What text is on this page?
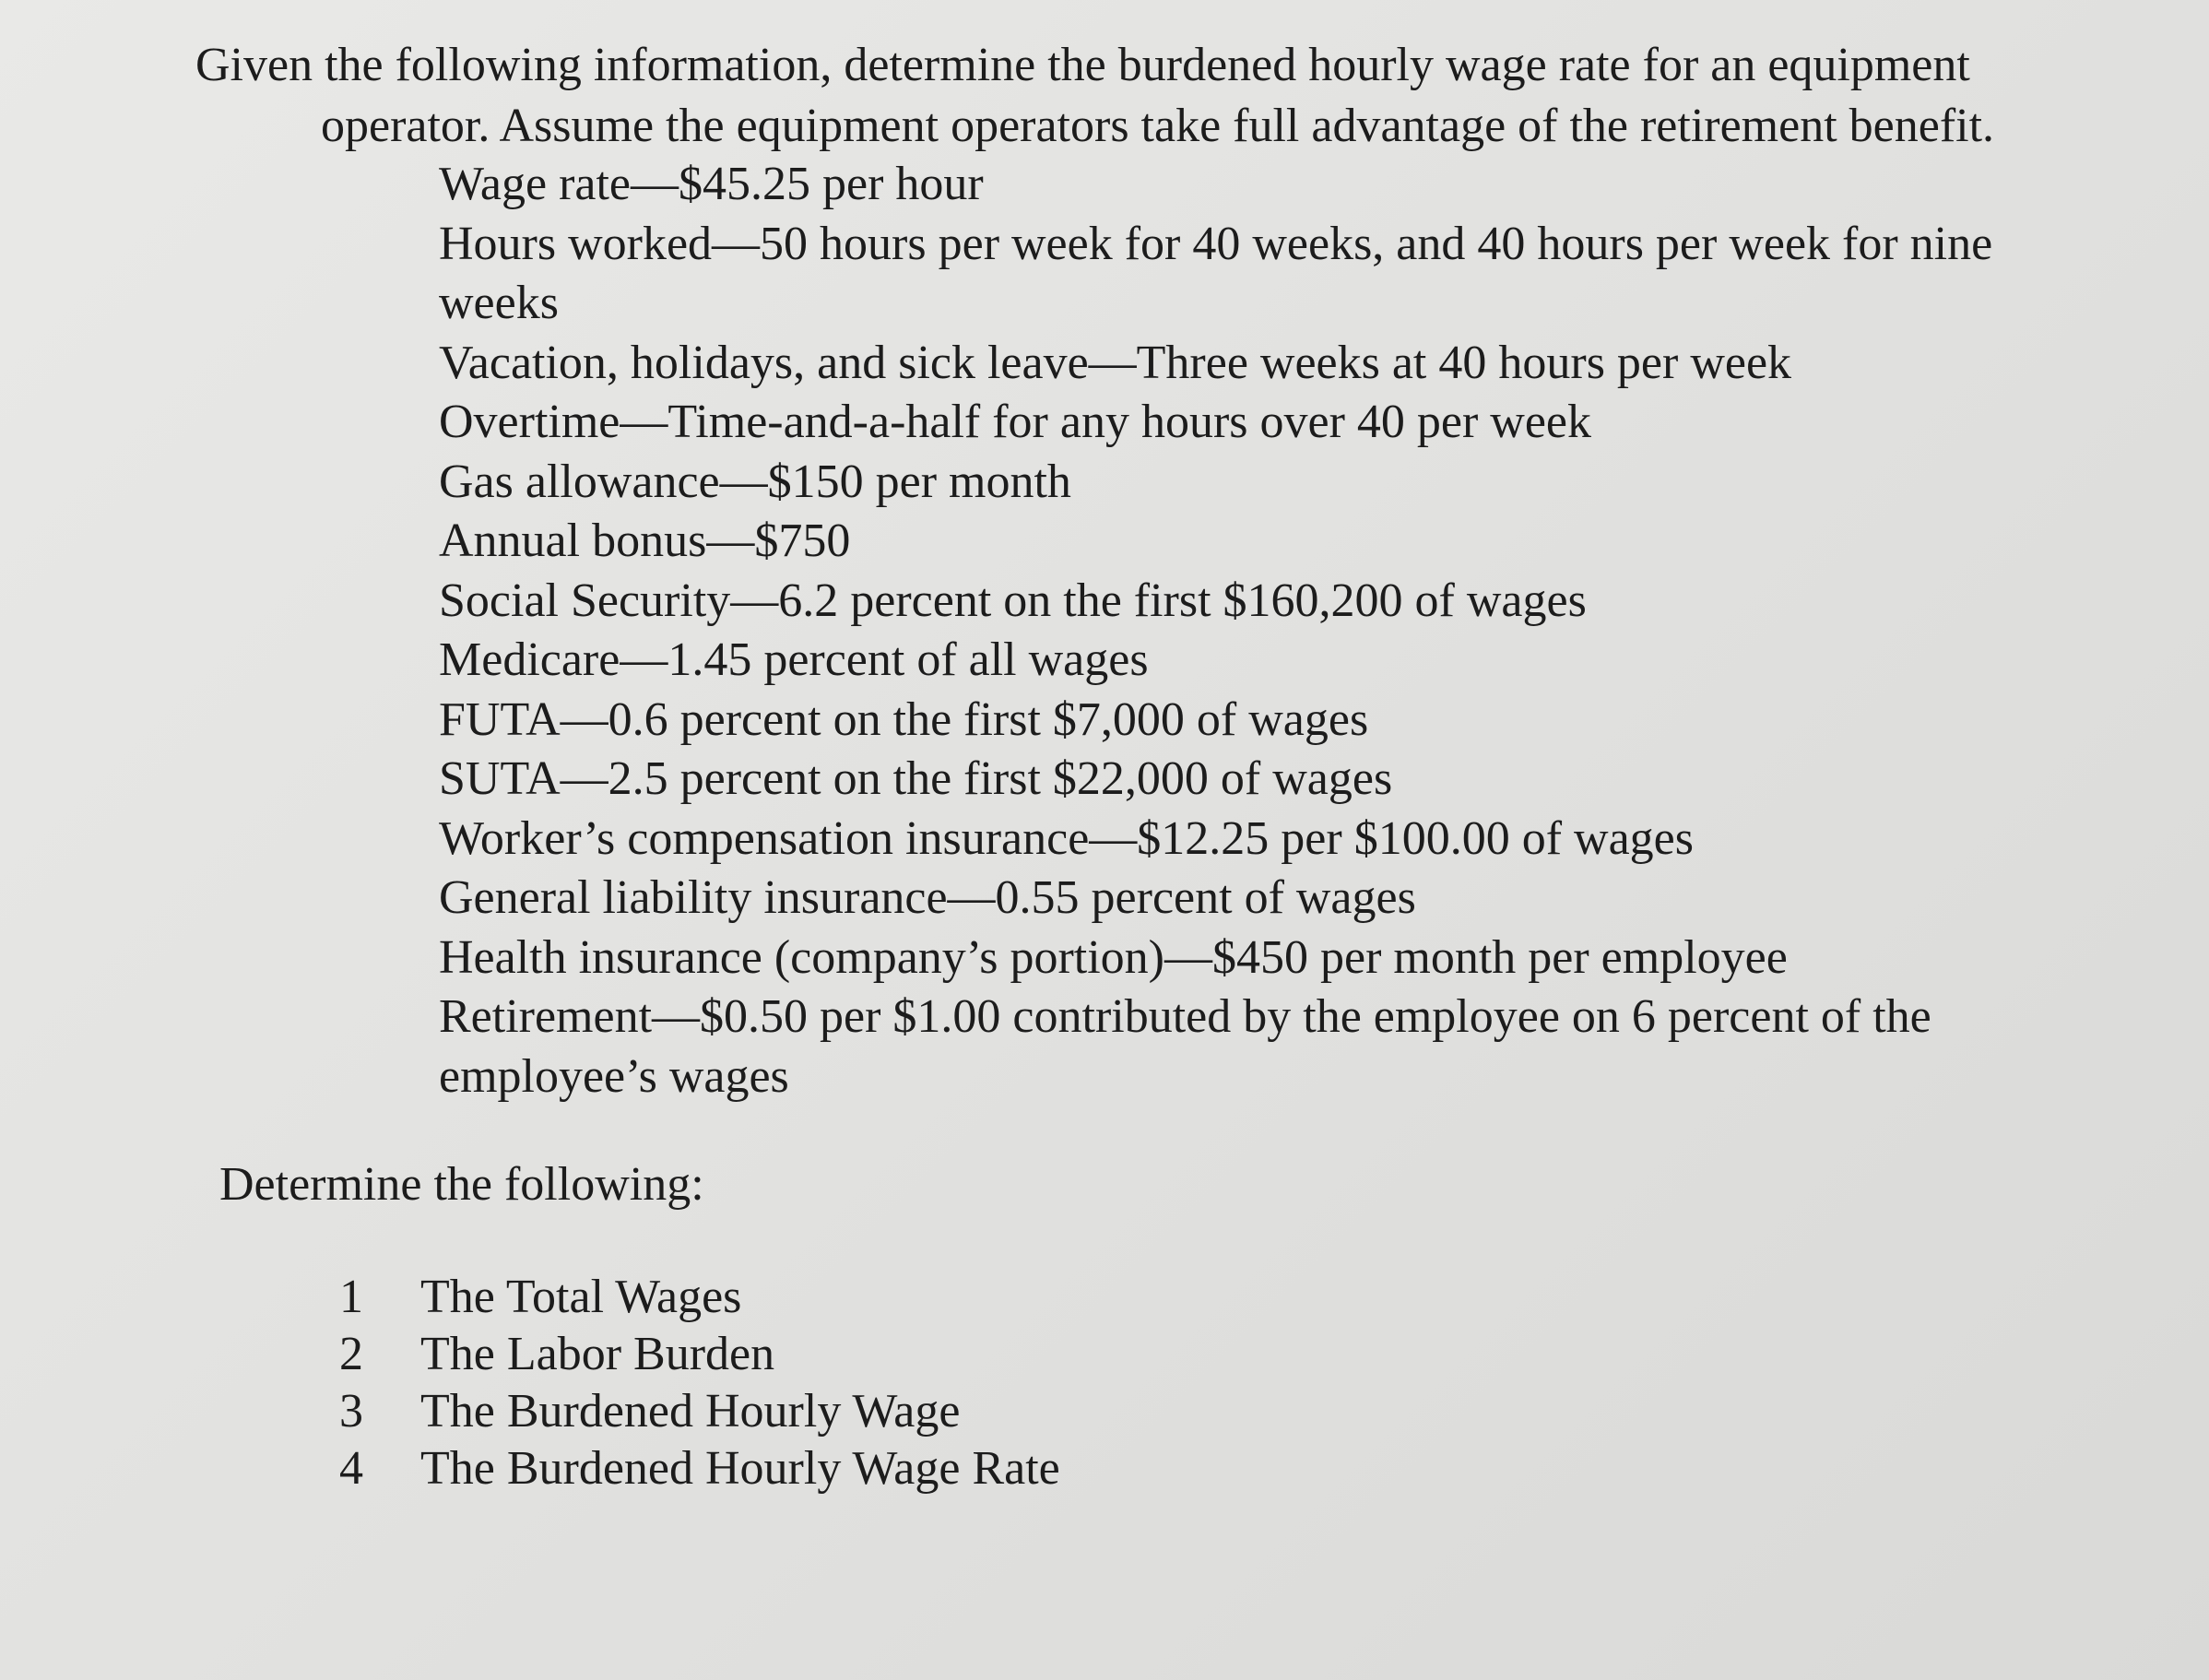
Given the following information, determine the burdened hourly wage rate for an equipment
operator. Assume the equipment operators take full advantage of the retirement benefit.
Wage rate—$45.25 per hour
Hours worked—50 hours per week for 40 weeks, and 40 hours per week for nine
weeks
Vacation, holidays, and sick leave—Three weeks at 40 hours per week
Overtime—Time-and-a-half for any hours over 40 per week
Gas allowance—$150 per month
Annual bonus—$750
Social Security—6.2 percent on the first $160,200 of wages
Medicare—1.45 percent of all wages
FUTA—0.6 percent on the first $7,000 of wages
SUTA—2.5 percent on the first $22,000 of wages
Worker’s compensation insurance—$12.25 per $100.00 of wages
General liability insurance—0.55 percent of wages
Health insurance (company’s portion)—$450 per month per employee
Retirement—$0.50 per $1.00 contributed by the employee on 6 percent of the
employee’s wages
Determine the following:
1	The Total Wages
2	The Labor Burden
3	The Burdened Hourly Wage
4	The Burdened Hourly Wage Rate
